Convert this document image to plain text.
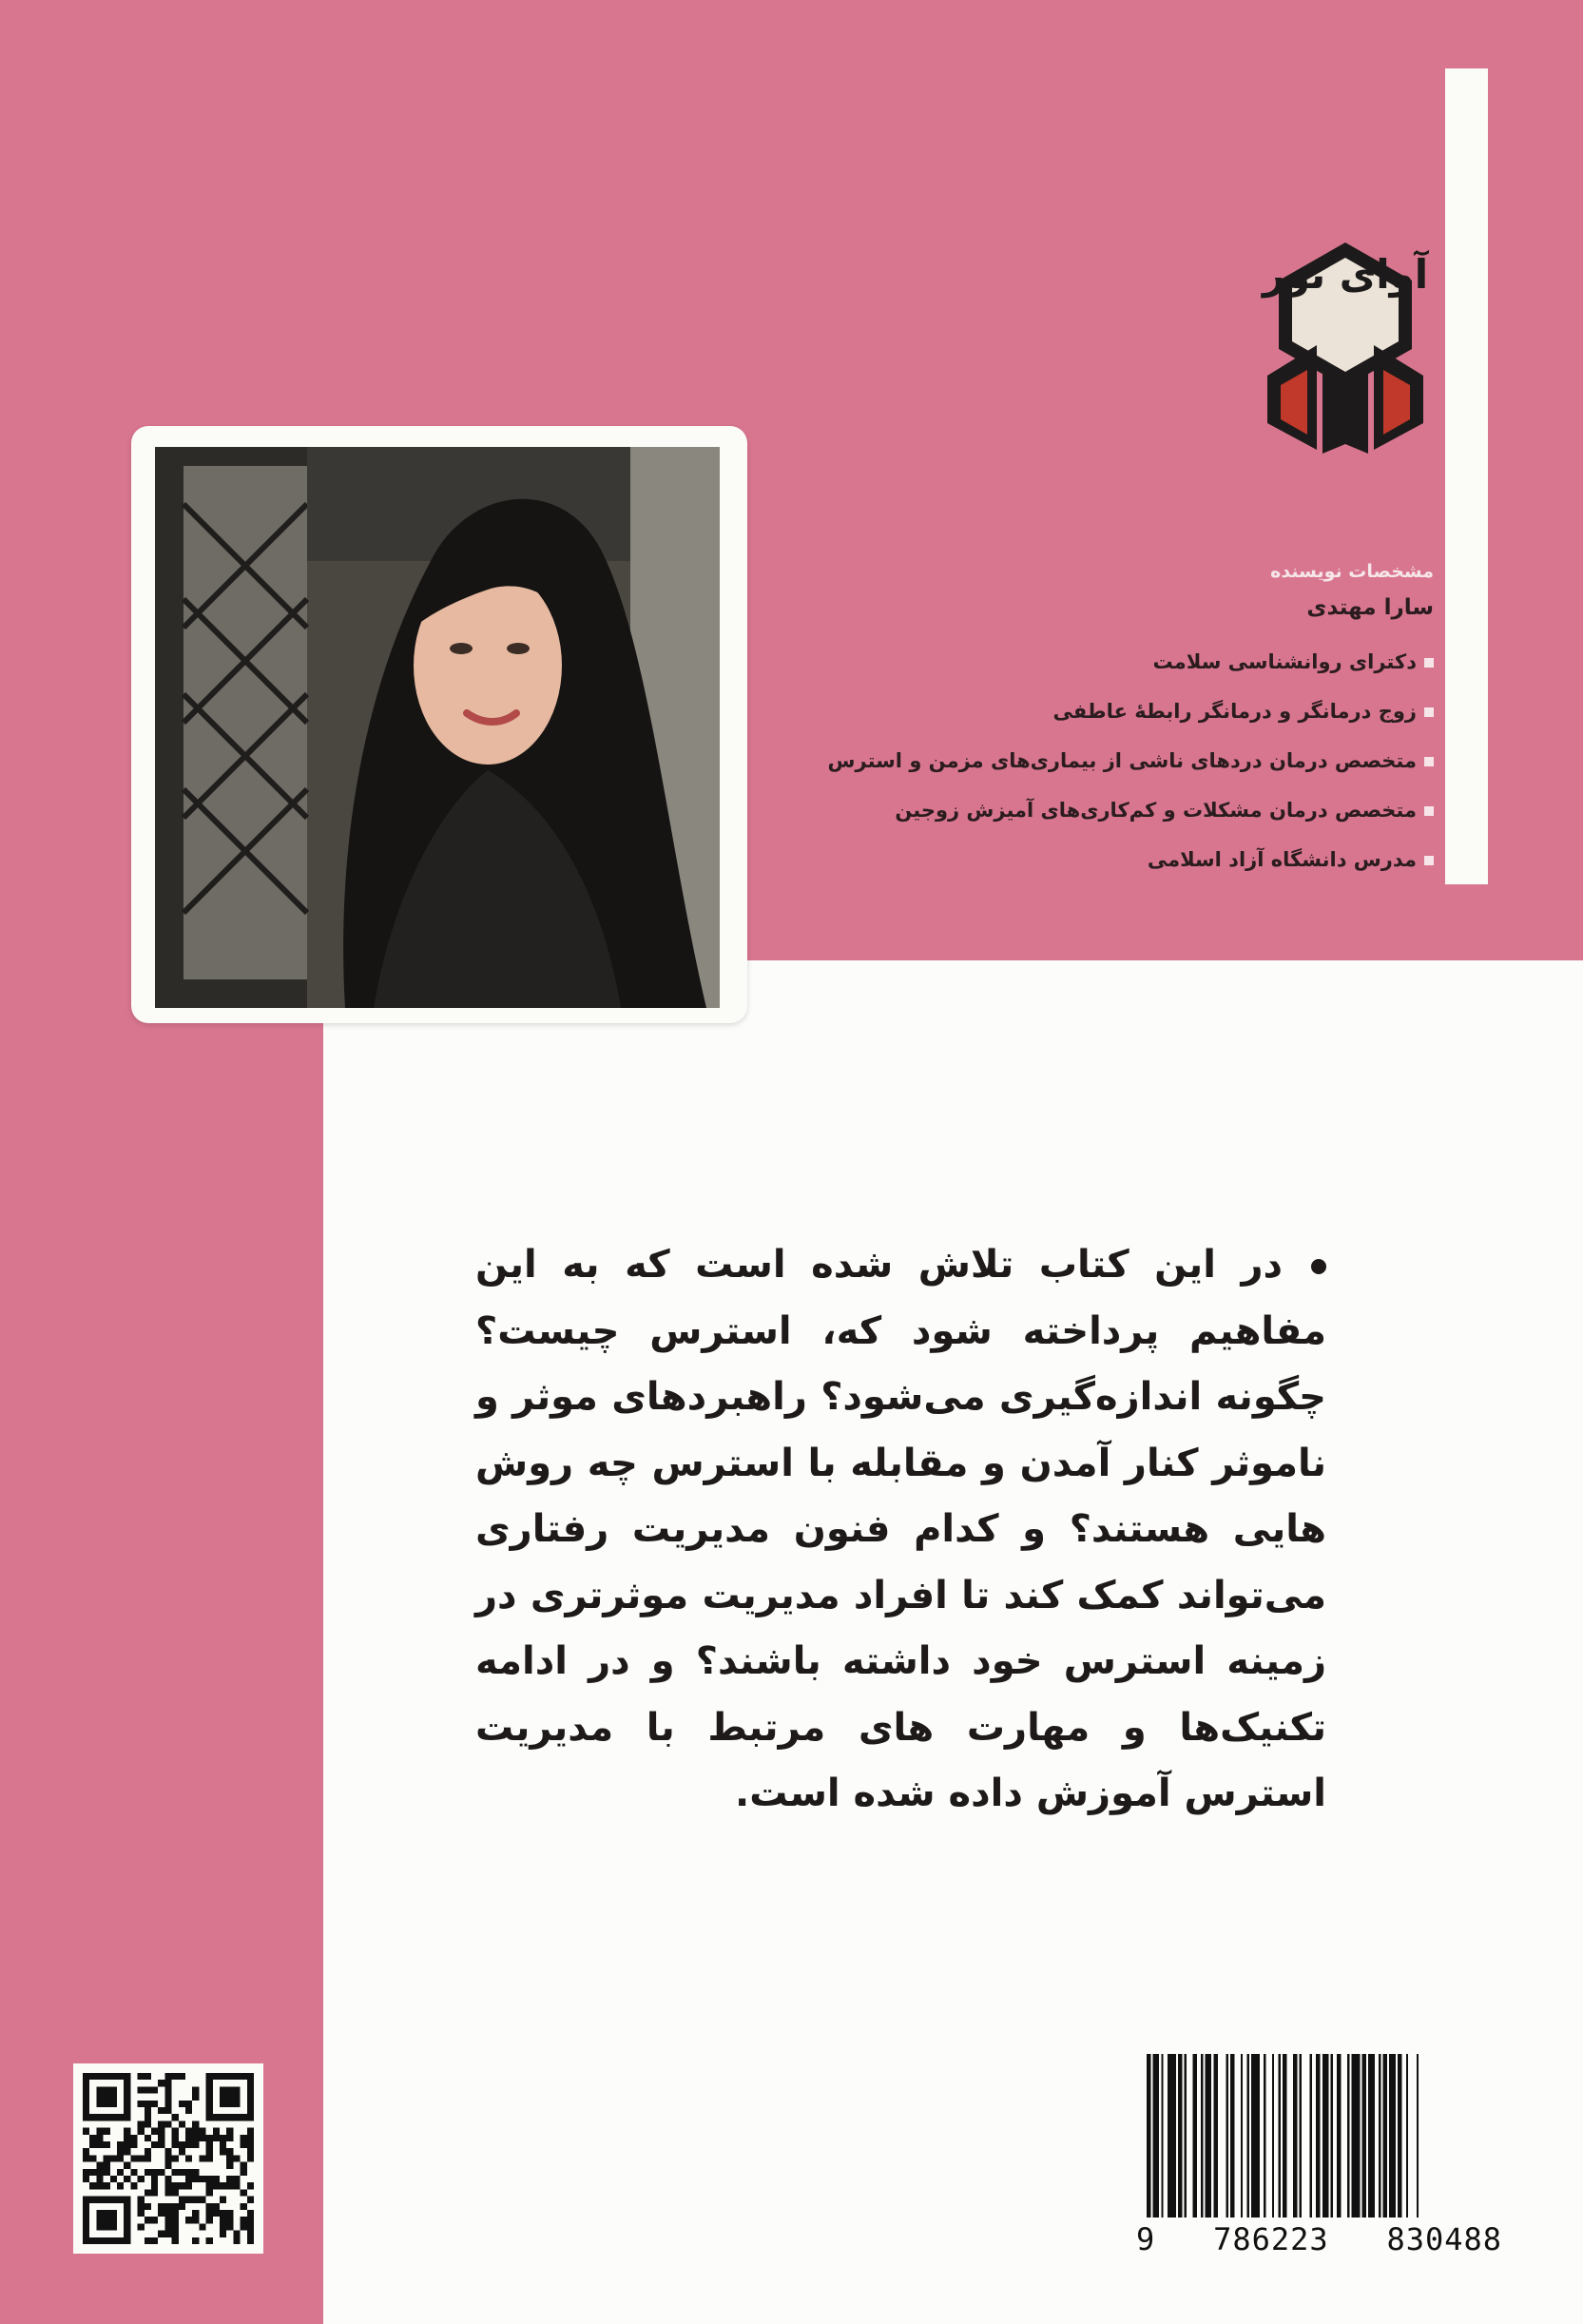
آوای نور
مشخصات نویسنده
سارا مهتدی
دکترای روانشناسی سلامت
زوج درمانگر و درمانگر رابطهٔ عاطفی
متخصص درمان دردهای ناشی از بیماری‌های مزمن و استرس
متخصص درمان مشکلات و کم‌کاری‌های آمیزش زوجین
مدرس دانشگاه آزاد اسلامی
در این کتاب تلاش شده است که به این مفاهیم پرداخته شود که، استرس چیست؟ چگونه اندازه‌گیری می‌شود؟ راهبردهای موثر و ناموثر کنار آمدن و مقابله با استرس چه روش هایی هستند؟ و کدام فنون مدیریت رفتاری می‌تواند کمک کند تا افراد مدیریت موثرتری در زمینه استرس خود داشته باشند؟ و در ادامه تکنیک‌ها و مهارت های مرتبط با مدیریت استرس آموزش داده شده است.
9 786223 830488
